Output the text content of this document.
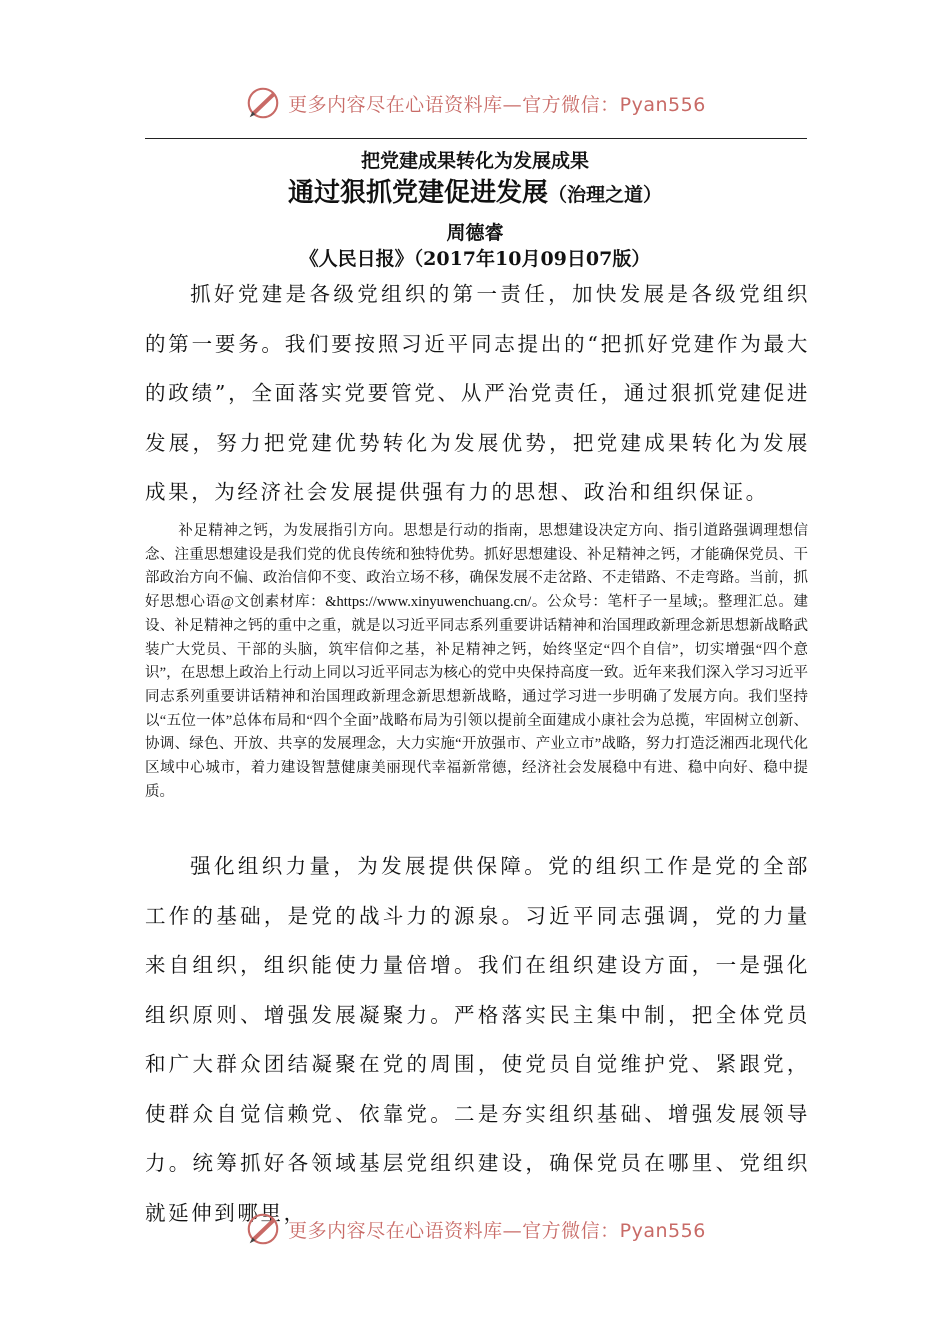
更多内容尽在心语资料库—官方微信：Pyan556
把党建成果转化为发展成果
通过狠抓党建促进发展（治理之道）
周德睿
《人民日报》（2017年10月09日07版）

抓好党建是各级党组织的第一责任，加快发展是各级党组织的第一要务。我们要按照习近平同志提出的“把抓好党建作为最大的政绩”，全面落实党要管党、从严治党责任，通过狠抓党建促进发展，努力把党建优势转化为发展优势，把党建成果转化为发展成果，为经济社会发展提供强有力的思想、政治和组织保证。

补足精神之钙，为发展指引方向。思想是行动的指南，思想建设决定方向、指引道路强调理想信念、注重思想建设是我们党的优良传统和独特优势。抓好思想建设、补足精神之钙，才能确保党员、干部政治方向不偏、政治信仰不变、政治立场不移，确保发展不走岔路、不走错路、不走弯路。当前，抓好思想心语@文创素材库：&https://www.xinyuwenchuang.cn/。公众号：笔杆子一星域;。整理汇总。建设、补足精神之钙的重中之重，就是以习近平同志系列重要讲话精神和治国理政新理念新思想新战略武装广大党员、干部的头脑，筑牢信仰之基，补足精神之钙，始终坚定“四个自信”，切实增强“四个意识”，在思想上政治上行动上同以习近平同志为核心的党中央保持高度一致。近年来我们深入学习习近平同志系列重要讲话精神和治国理政新理念新思想新战略，通过学习进一步明确了发展方向。我们坚持以“五位一体”总体布局和“四个全面”战略布局为引领以提前全面建成小康社会为总揽，牢固树立创新、协调、绿色、开放、共享的发展理念，大力实施“开放强市、产业立市”战略，努力打造泛湘西北现代化区域中心城市，着力建设智慧健康美丽现代幸福新常德，经济社会发展稳中有进、稳中向好、稳中提质。

强化组织力量，为发展提供保障。党的组织工作是党的全部工作的基础，是党的战斗力的源泉。习近平同志强调，党的力量来自组织，组织能使力量倍增。我们在组织建设方面，一是强化组织原则、增强发展凝聚力。严格落实民主集中制，把全体党员和广大群众团结凝聚在党的周围，使党员自觉维护党、紧跟党，使群众自觉信赖党、依靠党。二是夯实组织基础、增强发展领导力。统筹抓好各领域基层党组织建设，确保党员在哪里、党组织就延伸到哪里，

更多内容尽在心语资料库—官方微信：Pyan556
